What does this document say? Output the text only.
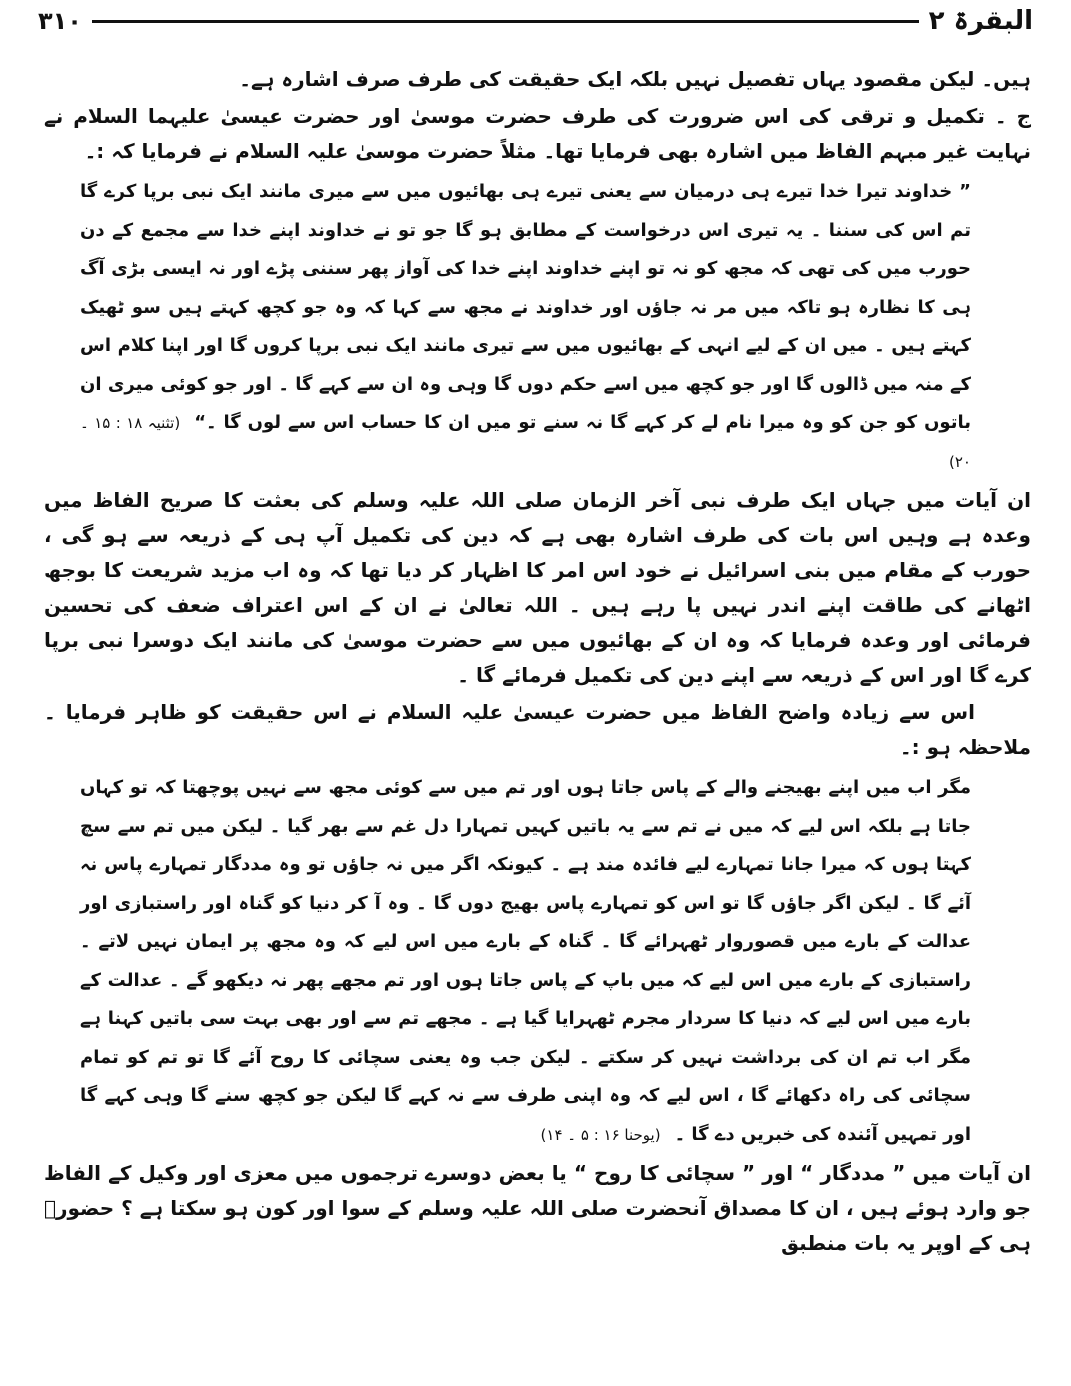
۳۱۰	البقرۃ ۲

ہیں۔ لیکن مقصود یہاں تفصیل نہیں بلکہ ایک حقیقت کی طرف صرف اشارہ ہے۔

ج ۔ تکمیل و ترقی کی اس ضرورت کی طرف حضرت موسیٰ اور حضرت عیسیٰ علیہما السلام نے نہایت غیر مبہم الفاظ میں اشارہ بھی فرمایا تھا۔ مثلاً حضرت موسیٰ علیہ السلام نے فرمایا کہ :۔

” خداوند تیرا خدا تیرے ہی درمیان سے یعنی تیرے ہی بھائیوں میں سے میری مانند ایک نبی برپا کرے گا تم اس کی سننا ۔ یہ تیری اس درخواست کے مطابق ہو گا جو تو نے خداوند اپنے خدا سے مجمع کے دن حورب میں کی تھی کہ مجھ کو نہ تو اپنے خداوند اپنے خدا کی آواز پھر سننی پڑے اور نہ ایسی بڑی آگ ہی کا نظارہ ہو تاکہ میں مر نہ جاؤں اور خداوند نے مجھ سے کہا کہ وہ جو کچھ کہتے ہیں سو ٹھیک کہتے ہیں ۔ میں ان کے لیے انہی کے بھائیوں میں سے تیری مانند ایک نبی برپا کروں گا اور اپنا کلام اس کے منہ میں ڈالوں گا اور جو کچھ میں اسے حکم دوں گا وہی وہ ان سے کہے گا ۔ اور جو کوئی میری ان باتوں کو جن کو وہ میرا نام لے کر کہے گا نہ سنے تو میں ان کا حساب اس سے لوں گا ۔“(تثنیہ ۱۸ : ۱۵ ۔ ۲۰)

ان آیات میں جہاں ایک طرف نبی آخر الزمان صلی اللہ علیہ وسلم کی بعثت کا صریح الفاظ میں وعدہ ہے وہیں اس بات کی طرف اشارہ بھی ہے کہ دین کی تکمیل آپ ہی کے ذریعہ سے ہو گی ، حورب کے مقام میں بنی اسرائیل نے خود اس امر کا اظہار کر دیا تھا کہ وہ اب مزید شریعت کا بوجھ اٹھانے کی طاقت اپنے اندر نہیں پا رہے ہیں ۔ اللہ تعالیٰ نے ان کے اس اعتراف ضعف کی تحسین فرمائی اور وعدہ فرمایا کہ وہ ان کے بھائیوں میں سے حضرت موسیٰ کی مانند ایک دوسرا نبی برپا کرے گا اور اس کے ذریعہ سے اپنے دین کی تکمیل فرمائے گا ۔

اس سے زیادہ واضح الفاظ میں حضرت عیسیٰ علیہ السلام نے اس حقیقت کو ظاہر فرمایا ۔ ملاحظہ ہو :۔

مگر اب میں اپنے بھیجنے والے کے پاس جاتا ہوں اور تم میں سے کوئی مجھ سے نہیں پوچھتا کہ تو کہاں جاتا ہے بلکہ اس لیے کہ میں نے تم سے یہ باتیں کہیں تمہارا دل غم سے بھر گیا ۔ لیکن میں تم سے سچ کہتا ہوں کہ میرا جانا تمہارے لیے فائدہ مند ہے ۔ کیونکہ اگر میں نہ جاؤں تو وہ مددگار تمہارے پاس نہ آئے گا ۔ لیکن اگر جاؤں گا تو اس کو تمہارے پاس بھیج دوں گا ۔ وہ آ کر دنیا کو گناہ اور راستبازی اور عدالت کے بارے میں قصوروار ٹھہرائے گا ۔ گناہ کے بارے میں اس لیے کہ وہ مجھ پر ایمان نہیں لاتے ۔ راستبازی کے بارے میں اس لیے کہ میں باپ کے پاس جاتا ہوں اور تم مجھے پھر نہ دیکھو گے ۔ عدالت کے بارے میں اس لیے کہ دنیا کا سردار مجرم ٹھہرایا گیا ہے ۔ مجھے تم سے اور بھی بہت سی باتیں کہنا ہے مگر اب تم ان کی برداشت نہیں کر سکتے ۔ لیکن جب وہ یعنی سچائی کا روح آئے گا تو تم کو تمام سچائی کی راہ دکھائے گا ، اس لیے کہ وہ اپنی طرف سے نہ کہے گا لیکن جو کچھ سنے گا وہی کہے گا اور تمہیں آئندہ کی خبریں دے گا ۔(یوحنا ۱۶ : ۵ ۔ ۱۴)

ان آیات میں ” مددگار “ اور ” سچائی کا روح “ یا بعض دوسرے ترجموں میں معزی اور وکیل کے الفاظ جو وارد ہوئے ہیں ، ان کا مصداق آنحضرت صلی اللہ علیہ وسلم کے سوا اور کون ہو سکتا ہے ؟ حضورؐ ہی کے اوپر یہ بات منطبق
